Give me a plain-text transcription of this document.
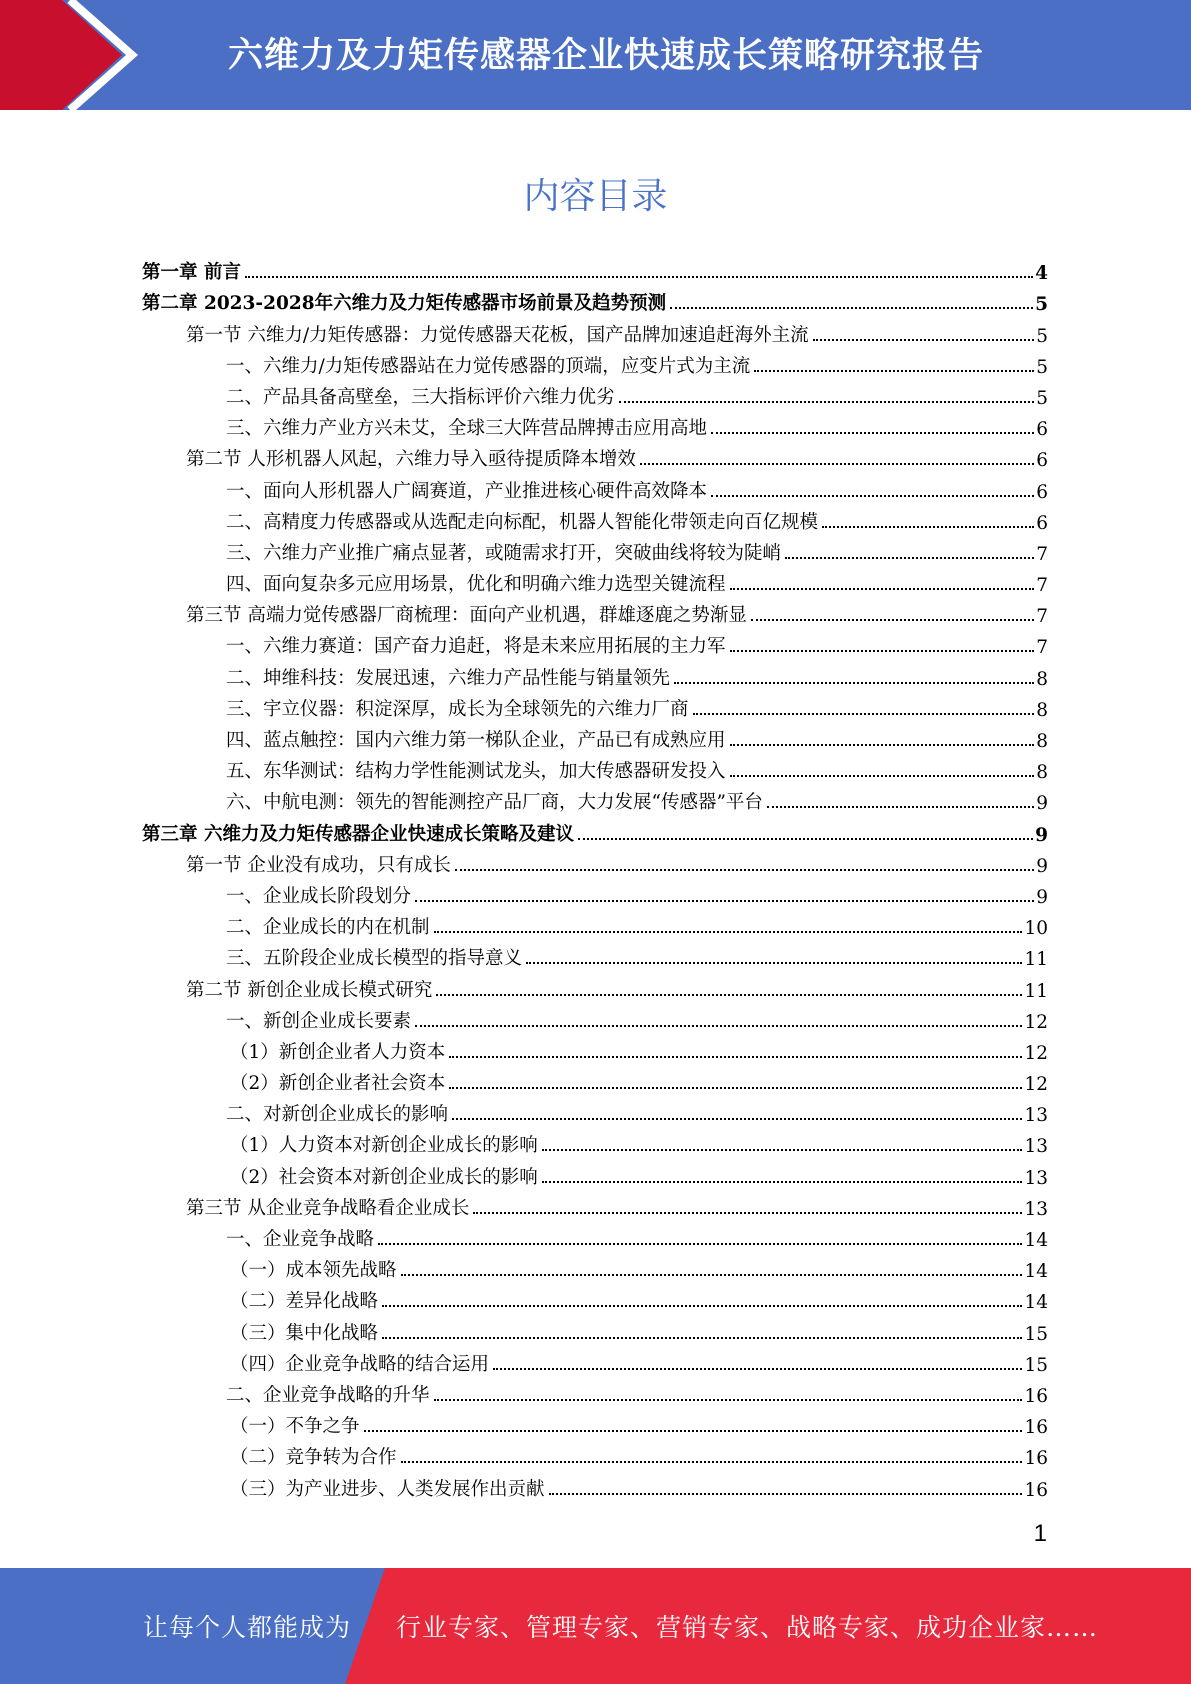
六维力及力矩传感器企业快速成长策略研究报告
内容目录
第一章 前言	4
第二章 2023-2028年六维力及力矩传感器市场前景及趋势预测	5
第一节 六维力/力矩传感器：力觉传感器天花板，国产品牌加速追赶海外主流	5
一、六维力/力矩传感器站在力觉传感器的顶端，应变片式为主流	5
二、产品具备高壁垒，三大指标评价六维力优劣	5
三、六维力产业方兴未艾，全球三大阵营品牌搏击应用高地	6
第二节 人形机器人风起，六维力导入亟待提质降本增效	6
一、面向人形机器人广阔赛道，产业推进核心硬件高效降本	6
二、高精度力传感器或从选配走向标配，机器人智能化带领走向百亿规模	6
三、六维力产业推广痛点显著，或随需求打开，突破曲线将较为陡峭	7
四、面向复杂多元应用场景，优化和明确六维力选型关键流程	7
第三节 高端力觉传感器厂商梳理：面向产业机遇，群雄逐鹿之势渐显	7
一、六维力赛道：国产奋力追赶，将是未来应用拓展的主力军	7
二、坤维科技：发展迅速，六维力产品性能与销量领先	8
三、宇立仪器：积淀深厚，成长为全球领先的六维力厂商	8
四、蓝点触控：国内六维力第一梯队企业，产品已有成熟应用	8
五、东华测试：结构力学性能测试龙头，加大传感器研发投入	8
六、中航电测：领先的智能测控产品厂商，大力发展“传感器”平台	9
第三章 六维力及力矩传感器企业快速成长策略及建议	9
第一节 企业没有成功，只有成长	9
一、企业成长阶段划分	9
二、企业成长的内在机制	10
三、五阶段企业成长模型的指导意义	11
第二节 新创企业成长模式研究	11
一、新创企业成长要素	12
（1）新创企业者人力资本	12
（2）新创企业者社会资本	12
二、对新创企业成长的影响	13
（1）人力资本对新创企业成长的影响	13
（2）社会资本对新创企业成长的影响	13
第三节 从企业竞争战略看企业成长	13
一、企业竞争战略	14
（一）成本领先战略	14
（二）差异化战略	14
（三）集中化战略	15
（四）企业竞争战略的结合运用	15
二、企业竞争战略的升华	16
（一）不争之争	16
（二）竞争转为合作	16
（三）为产业进步、人类发展作出贡献	16
1
让每个人都能成为 行业专家、管理专家、营销专家、战略专家、成功企业家……
